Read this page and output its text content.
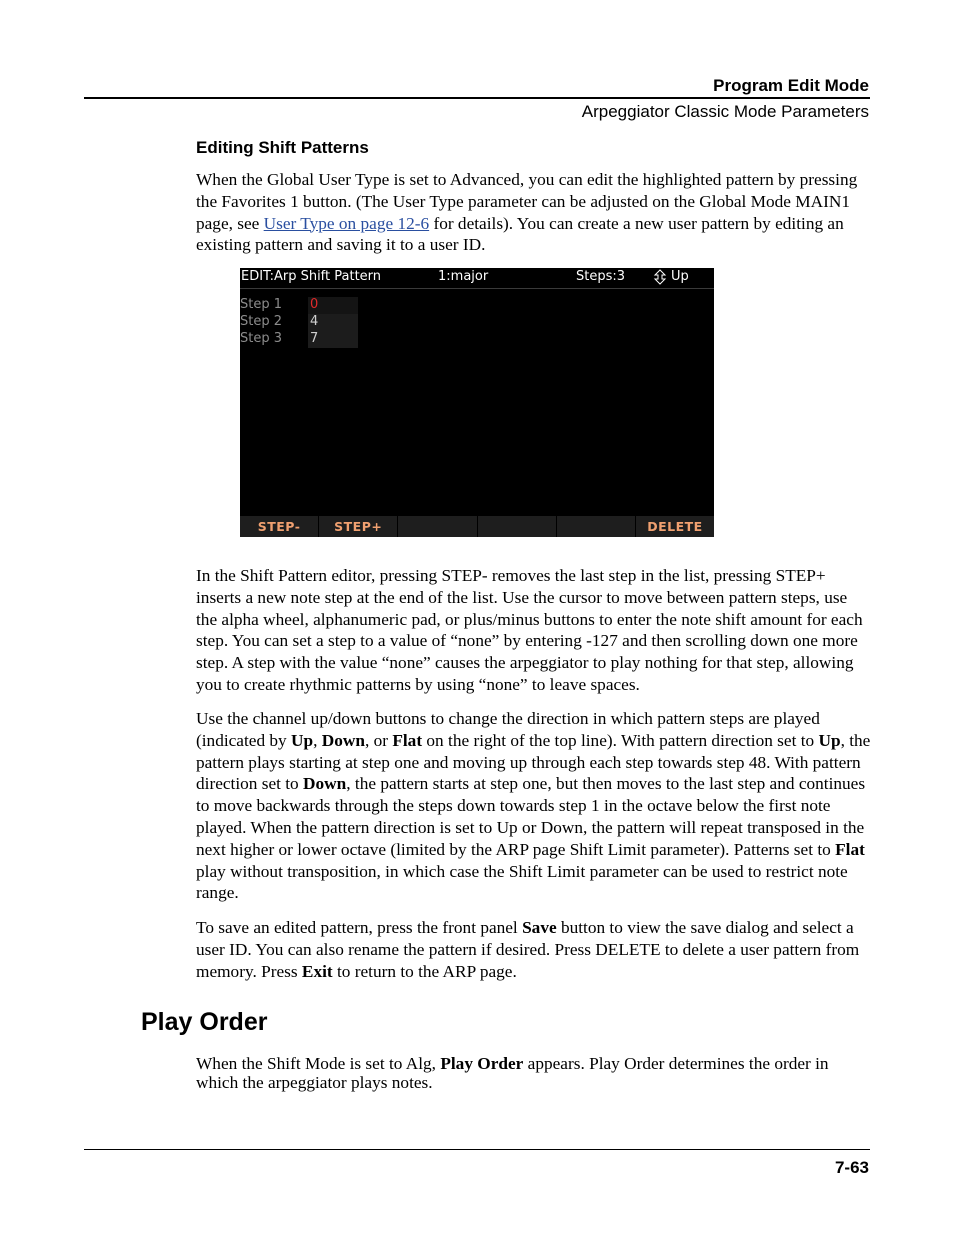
Program Edit Mode
Arpeggiator Classic Mode Parameters
Editing Shift Patterns

When the Global User Type is set to Advanced, you can edit the highlighted pattern by pressing the Favorites 1 button. (The User Type parameter can be adjusted on the Global Mode MAIN1 page, see User Type on page 12-6 for details). You can create a new user pattern by editing an existing pattern and saving it to a user ID.

EDIT:Arp Shift Pattern	1:major	Steps:3	Up
Step 1 0
Step 2 4
Step 3 7
STEP-	STEP+	DELETE

In the Shift Pattern editor, pressing STEP- removes the last step in the list, pressing STEP+ inserts a new note step at the end of the list. Use the cursor to move between pattern steps, use the alpha wheel, alphanumeric pad, or plus/minus buttons to enter the note shift amount for each step. You can set a step to a value of “none” by entering -127 and then scrolling down one more step. A step with the value “none” causes the arpeggiator to play nothing for that step, allowing you to create rhythmic patterns by using “none” to leave spaces.

Use the channel up/down buttons to change the direction in which pattern steps are played (indicated by Up, Down, or Flat on the right of the top line). With pattern direction set to Up, the pattern plays starting at step one and moving up through each step towards step 48. With pattern direction set to Down, the pattern starts at step one, but then moves to the last step and continues to move backwards through the steps down towards step 1 in the octave below the first note played. When the pattern direction is set to Up or Down, the pattern will repeat transposed in the next higher or lower octave (limited by the ARP page Shift Limit parameter). Patterns set to Flat play without transposition, in which case the Shift Limit parameter can be used to restrict note range.

To save an edited pattern, press the front panel Save button to view the save dialog and select a user ID. You can also rename the pattern if desired. Press DELETE to delete a user pattern from memory. Press Exit to return to the ARP page.

Play Order

When the Shift Mode is set to Alg, Play Order appears. Play Order determines the order in which the arpeggiator plays notes.

7-63
